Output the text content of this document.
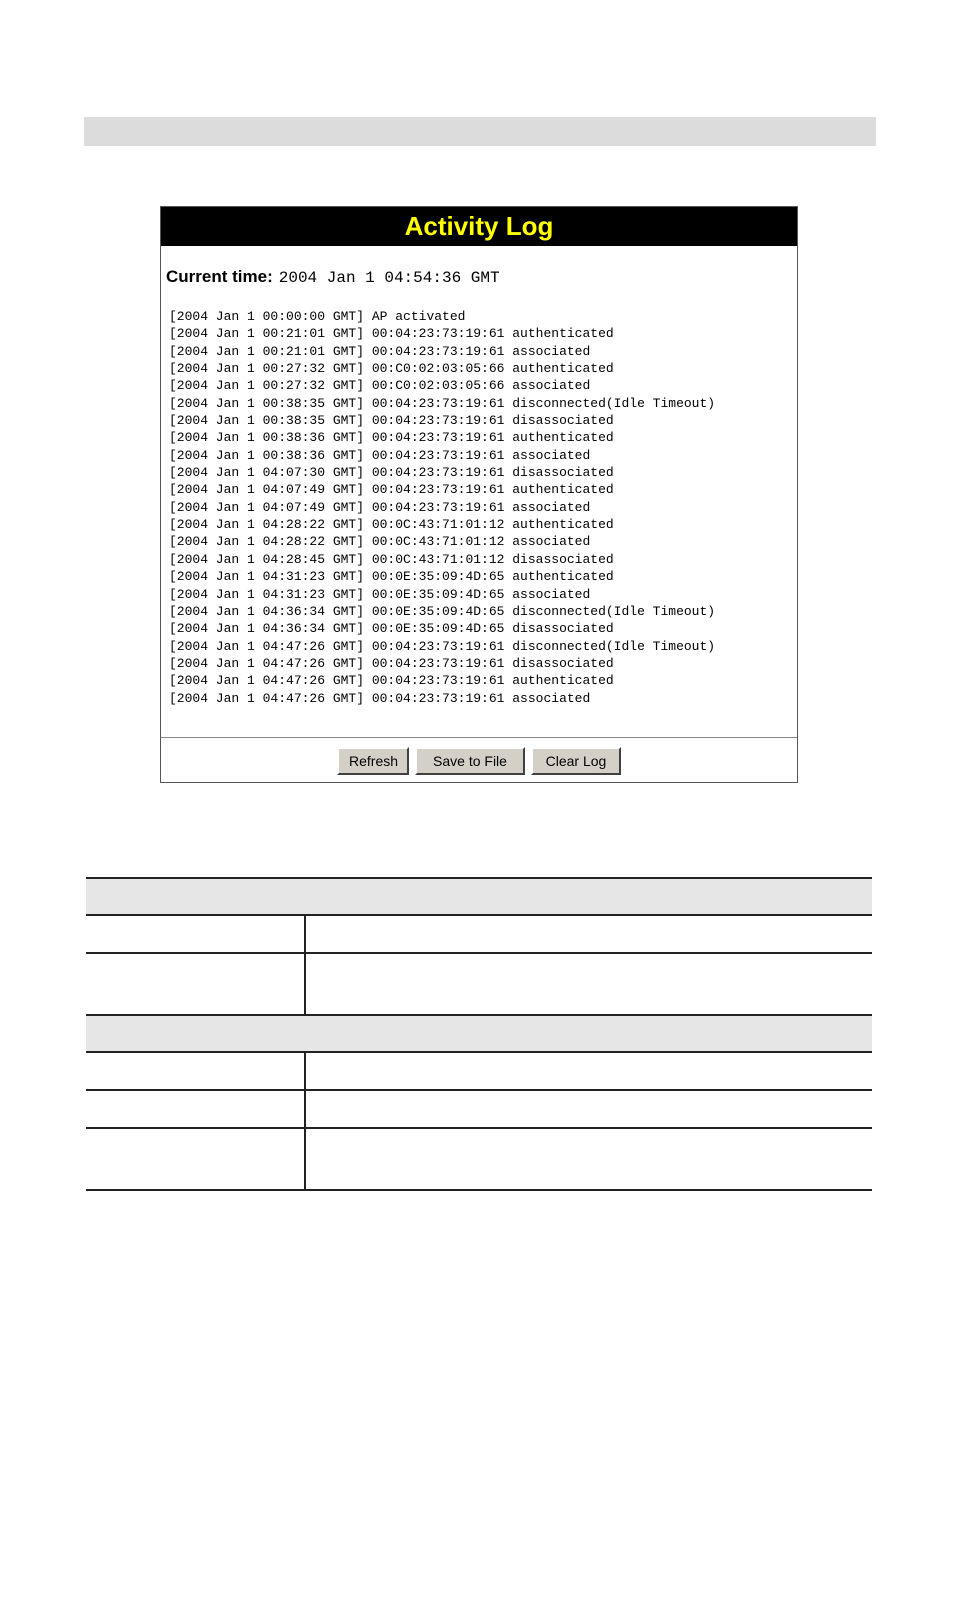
Activity Log
Current time: 2004 Jan 1 04:54:36 GMT
[2004 Jan 1 00:00:00 GMT] AP activated
[2004 Jan 1 00:21:01 GMT] 00:04:23:73:19:61 authenticated
[2004 Jan 1 00:21:01 GMT] 00:04:23:73:19:61 associated
[2004 Jan 1 00:27:32 GMT] 00:C0:02:03:05:66 authenticated
[2004 Jan 1 00:27:32 GMT] 00:C0:02:03:05:66 associated
[2004 Jan 1 00:38:35 GMT] 00:04:23:73:19:61 disconnected(Idle Timeout)
[2004 Jan 1 00:38:35 GMT] 00:04:23:73:19:61 disassociated
[2004 Jan 1 00:38:36 GMT] 00:04:23:73:19:61 authenticated
[2004 Jan 1 00:38:36 GMT] 00:04:23:73:19:61 associated
[2004 Jan 1 04:07:30 GMT] 00:04:23:73:19:61 disassociated
[2004 Jan 1 04:07:49 GMT] 00:04:23:73:19:61 authenticated
[2004 Jan 1 04:07:49 GMT] 00:04:23:73:19:61 associated
[2004 Jan 1 04:28:22 GMT] 00:0C:43:71:01:12 authenticated
[2004 Jan 1 04:28:22 GMT] 00:0C:43:71:01:12 associated
[2004 Jan 1 04:28:45 GMT] 00:0C:43:71:01:12 disassociated
[2004 Jan 1 04:31:23 GMT] 00:0E:35:09:4D:65 authenticated
[2004 Jan 1 04:31:23 GMT] 00:0E:35:09:4D:65 associated
[2004 Jan 1 04:36:34 GMT] 00:0E:35:09:4D:65 disconnected(Idle Timeout)
[2004 Jan 1 04:36:34 GMT] 00:0E:35:09:4D:65 disassociated
[2004 Jan 1 04:47:26 GMT] 00:04:23:73:19:61 disconnected(Idle Timeout)
[2004 Jan 1 04:47:26 GMT] 00:04:23:73:19:61 disassociated
[2004 Jan 1 04:47:26 GMT] 00:04:23:73:19:61 authenticated
[2004 Jan 1 04:47:26 GMT] 00:04:23:73:19:61 associated
Refresh	Save to File	Clear Log
